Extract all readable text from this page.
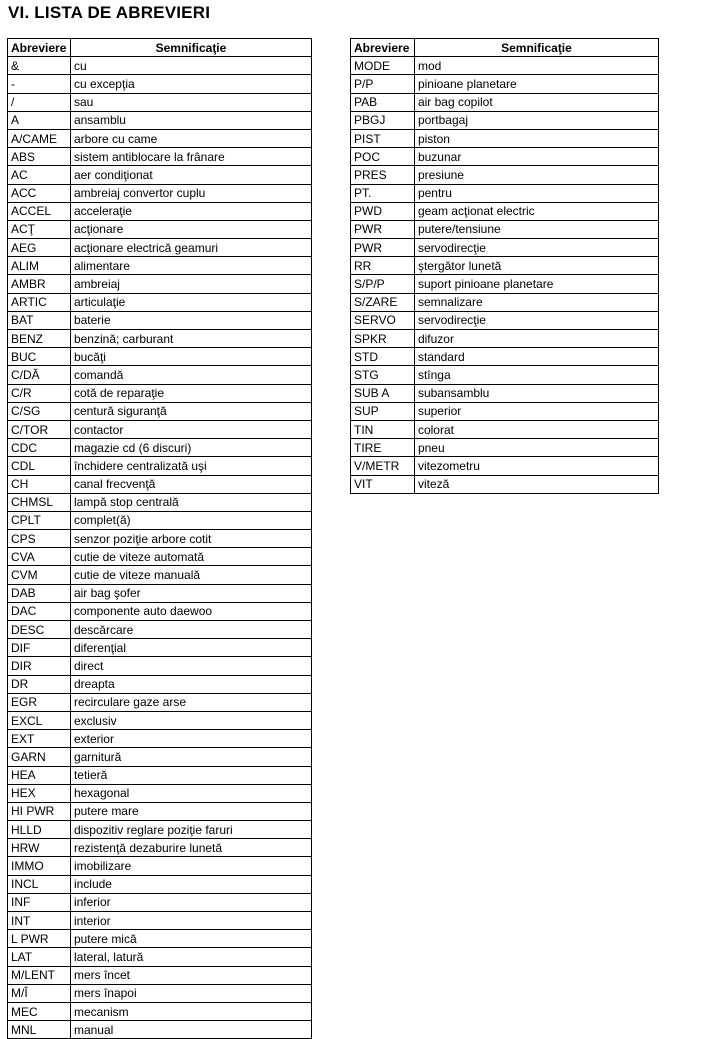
VI. LISTA DE ABREVIERI
Abreviere	Semnificaţie
&	cu
-	cu excepţia
/	sau
A	ansamblu
A/CAME	arbore cu came
ABS	sistem antiblocare la frânare
AC	aer condiţionat
ACC	ambreiaj convertor cuplu
ACCEL	acceleraţie
ACŢ	acţionare
AEG	acţionare electrică geamuri
ALIM	alimentare
AMBR	ambreiaj
ARTIC	articulaţie
BAT	baterie
BENZ	benzină; carburant
BUC	bucăţi
C/DĂ	comandă
C/R	cotă de reparaţie
C/SG	centură siguranţă
C/TOR	contactor
CDC	magazie cd (6 discuri)
CDL	închidere centralizată uşi
CH	canal frecvenţă
CHMSL	lampă stop centrală
CPLT	complet(ă)
CPS	senzor poziţie arbore cotit
CVA	cutie de viteze automată
CVM	cutie de viteze manuală
DAB	air bag şofer
DAC	componente auto daewoo
DESC	descărcare
DIF	diferenţial
DIR	direct
DR	dreapta
EGR	recirculare gaze arse
EXCL	exclusiv
EXT	exterior
GARN	garnitură
HEA	tetieră
HEX	hexagonal
HI PWR	putere mare
HLLD	dispozitiv reglare poziţie faruri
HRW	rezistenţă dezaburire lunetă
IMMO	imobilizare
INCL	include
INF	inferior
INT	interior
L PWR	putere mică
LAT	lateral, latură
M/LENT	mers încet
M/Î	mers înapoi
MEC	mecanism
MNL	manual
Abreviere	Semnificaţie
MODE	mod
P/P	pinioane planetare
PAB	air bag copilot
PBGJ	portbagaj
PIST	piston
POC	buzunar
PRES	presiune
PT.	pentru
PWD	geam acţionat electric
PWR	putere/tensiune
PWR	servodirecţie
RR	ştergător lunetă
S/P/P	suport pinioane planetare
S/ZARE	semnalizare
SERVO	servodirecţie
SPKR	difuzor
STD	standard
STG	stînga
SUB A	subansamblu
SUP	superior
TIN	colorat
TIRE	pneu
V/METR	vitezometru
VIT	viteză
